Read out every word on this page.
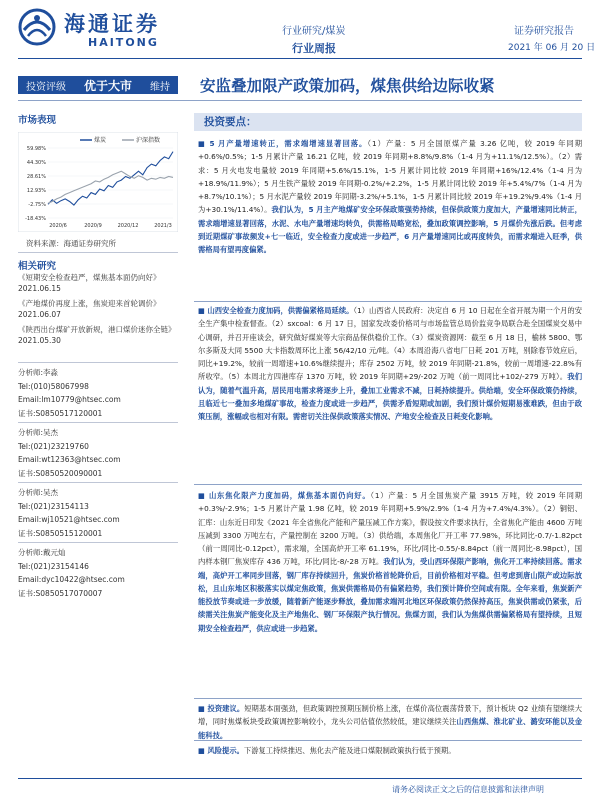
海通证券
HAITONG
行业研究/煤炭
行业周报
证券研究报告
2021 年 06 月 20 日
投资评级 优于大市 维持 安监叠加限产政策加码，煤焦供给边际收紧
市场表现
59.98%
44.30%
28.61%
12.93%
-2.75%
-18.43%
2020/6	2020/9	2020/12	2021/3
煤炭	沪深指数
资料来源：海通证券研究所
相关研究
《短期安全检查趋严，煤焦基本面仍向好》
2021.06.15
《产地煤价再度上涨，焦炭迎来首轮调价》
2021.06.07
《陕西出台煤矿开放新规，港口煤价迷你全链》
2021.05.30
分析师:李淼
Tel:(010)58067998
Email:lm10779@htsec.com
证书:S0850517120001
分析师:吴杰
Tel:(021)23219760
Email:wt12363@htsec.com
证书:S0850520090001
分析师:吴杰
Tel:(021)23154113
Email:wj10521@htsec.com
证书:S0850515120001
分析师:戴元灿
Tel:(021)23154146
Email:dyc10422@htsec.com
证书:S0850517070007
投资要点：
■ 5 月产量增速转正，需求端增速显著回落。（1）产量：5 月全国原煤产量 3.26 亿吨，较 2019 年同期+0.6%/0.5%；1-5 月累计产量 16.21 亿吨，较 2019 年同期+8.8%/9.8%（1-4 月为+11.1%/12.5%）。（2）需求：5 月火电发电量较 2019 年同期+5.6%/15.1%，1-5 月累计同比较 2019 年同期+16%/12.4%（1-4 月为+18.9%/11.9%）；5 月生铁产量较 2019 年同期-0.2%/+2.2%，1-5 月累计同比较 2019 年+5.4%/7%（1-4 月为+8.7%/10.1%）；5 月水泥产量较 2019 年同期-3.2%/+5.1%，1-5 月累计同比较 2019 年+19.2%/9.4%（1-4 月为+30.1%/11.4%）。我们认为，5 月主产地煤矿安全环保政策强势持续，但保供政策力度加大，产量增速同比转正，需求端增速显著回落，水泥、水电产量增速均转负，供需格局略宽松，叠加政策调控影响，5 月煤价先涨后跌。但考虑到近期煤矿事故频发+七一临近，安全检查力度或进一步趋严，6 月产量增速同比或再度转负，而需求端进入旺季，供需格局有望再度偏紧。
■ 山西安全检查力度加码，供需偏紧格局延续。（1）山西省人民政府：决定自 6 月 10 日起在全省开展为期一个月的安全生产集中检查督查。（2）sxcoal：6 月 17 日，国家发改委价格司与市场监管总局价监竞争局联合赴全国煤炭交易中心调研，并召开座谈会，研究做好煤炭等大宗商品保供稳价工作。（3）煤炭资源网：截至 6 月 18 日，榆林 5800、鄂尔多斯及大同 5500 大卡指数周环比上涨 56/42/10 元/吨。（4）本周沿海八省电厂日耗 201 万吨，别除春节效应后，同比+19.2%，较前一周增速+10.6%继续提升；库存 2502 万吨，较 2019 年同期-21.8%，较前一周增速-22.8%有所收窄。（5）本周北方四港库存 1370 万吨，较 2019 年同期+29/-202 万吨（前一周同比+102/-279 万吨）。我们认为，随着气温升高，居民用电需求将逐步上升，叠加工业需求不减，日耗持续提升。供给端，安全环保政策仍持续，且临近七一叠加多地煤矿事故，检查力度或进一步趋严，供需矛盾短期或加剧，我们预计煤价短期易涨难跌，但由于政策压制，涨幅或也相对有限。需密切关注保供政策落实情况、产地安全检查及日耗变化影响。
■ 山东焦化限产力度加码，煤焦基本面仍向好。（1）产量：5 月全国焦炭产量 3915 万吨，较 2019 年同期+0.3%/-2.9%；1-5 月累计产量 1.98 亿吨，较 2019 年同期+5.9%/2.9%（1-4 月为+7.4%/4.3%）。（2）铜铝、汇库：山东近日印发《2021 年全省焦化产能和产量压减工作方案》，假设按文件要求执行，全省焦化产能由 4600 万吨压减到 3300 万吨左右，产量控制在 3200 万吨。（3）供给端，本周焦化厂开工率 77.98%，环比同比-0.7/-1.82pct（前一周同比-0.12pct），需求端，全国高炉开工率 61.19%，环比/同比-0.55/-8.84pct（前一周同比-8.98pct），国内样本钢厂焦炭库存 436 万吨，环比/同比-8/-28 万吨。我们认为，受山西环保限产影响，焦化开工率持续回落。需求端，高炉开工率同步回落，钢厂库存持续回升，焦炭价格首轮降价后，目前价格相对平稳。但考虑到唐山限产或边际放松，且山东地区积极落实以煤定焦政策，焦炭供需格局仍有偏紧趋势，我们预计降价空间或有限。全年来看，焦炭新产能投放节奏或进一步放缓，随着新产能逐步释放，叠加需求端河北地区环保政策仍然保持高压，焦炭供需或仍紧张，后续需关注焦炭产能变化及主产地焦化、钢厂环保限产执行情况。焦煤方面，我们认为焦煤供需偏紧格局有望持续，且短期安全检查趋严，供应或进一步趋紧。
■ 投资建议。短期基本面强劲，但政策调控预期压制价格上涨，在煤价高位震荡背景下，预计板块 Q2 业绩有望继续大增，同时焦煤板块受政策调控影响较小，龙头公司估值依然较低，建议继续关注山西焦煤、淮北矿业、潞安环能以及金能科技。
■ 风险提示。下游复工持续推迟、焦化去产能及进口煤限制政策执行低于预期。
请务必阅读正文之后的信息披露和法律声明
